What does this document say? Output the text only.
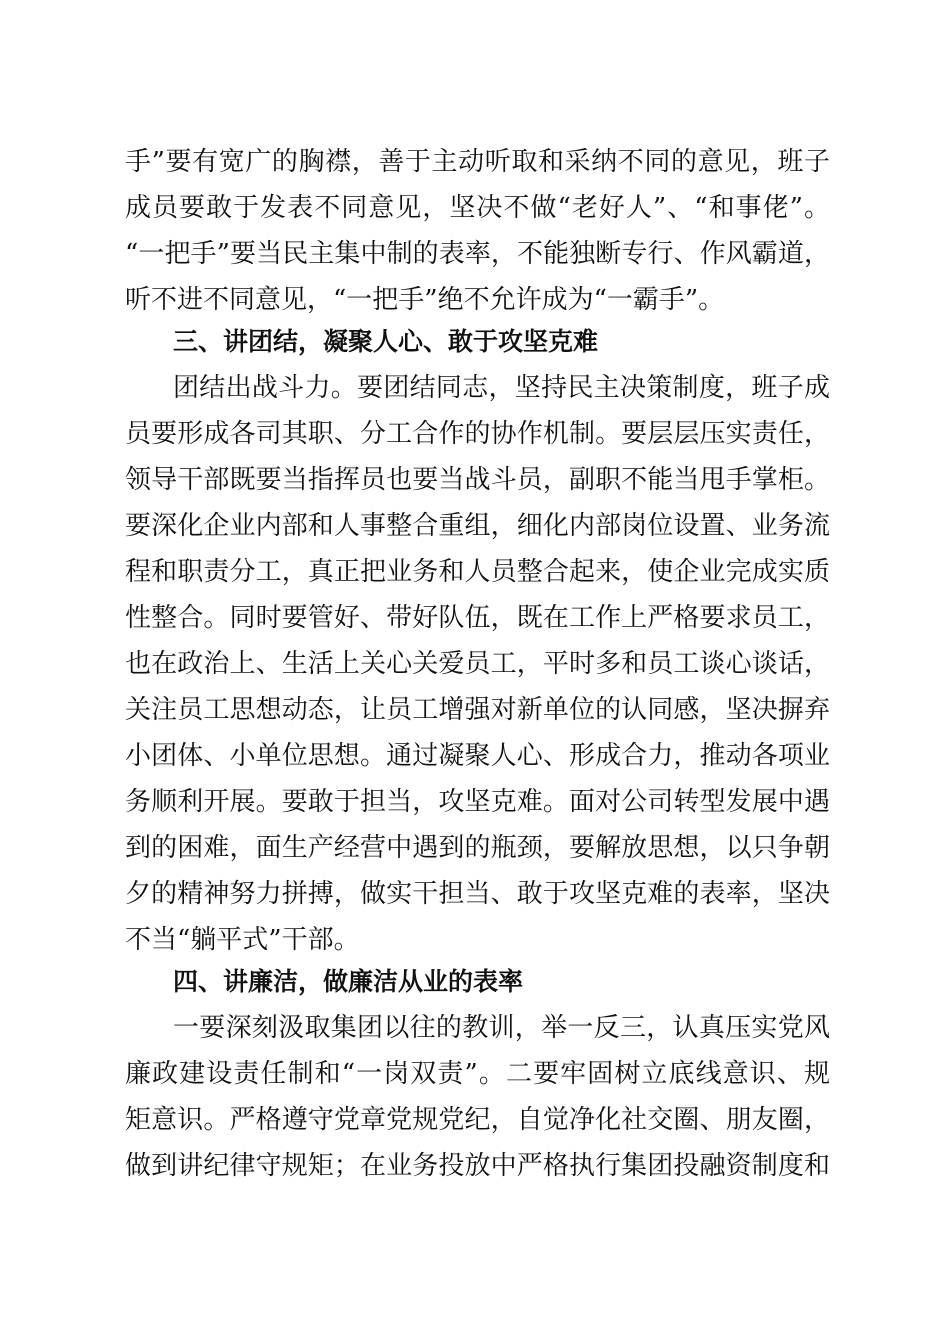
手”要有宽广的胸襟，善于主动听取和采纳不同的意见，班子
成员要敢于发表不同意见，坚决不做“老好人”、“和事佬”。
“一把手”要当民主集中制的表率，不能独断专行、作风霸道，
听不进不同意见，“一把手”绝不允许成为“一霸手”。
三、讲团结，凝聚人心、敢于攻坚克难
团结出战斗力。要团结同志，坚持民主决策制度，班子成
员要形成各司其职、分工合作的协作机制。要层层压实责任，
领导干部既要当指挥员也要当战斗员，副职不能当甩手掌柜。
要深化企业内部和人事整合重组，细化内部岗位设置、业务流
程和职责分工，真正把业务和人员整合起来，使企业完成实质
性整合。同时要管好、带好队伍，既在工作上严格要求员工，
也在政治上、生活上关心关爱员工，平时多和员工谈心谈话，
关注员工思想动态，让员工增强对新单位的认同感，坚决摒弃
小团体、小单位思想。通过凝聚人心、形成合力，推动各项业
务顺利开展。要敢于担当，攻坚克难。面对公司转型发展中遇
到的困难，面生产经营中遇到的瓶颈，要解放思想，以只争朝
夕的精神努力拼搏，做实干担当、敢于攻坚克难的表率，坚决
不当“躺平式”干部。
四、讲廉洁，做廉洁从业的表率
一要深刻汲取集团以往的教训，举一反三，认真压实党风
廉政建设责任制和“一岗双责”。二要牢固树立底线意识、规
矩意识。严格遵守党章党规党纪，自觉净化社交圈、朋友圈，
做到讲纪律守规矩；在业务投放中严格执行集团投融资制度和
